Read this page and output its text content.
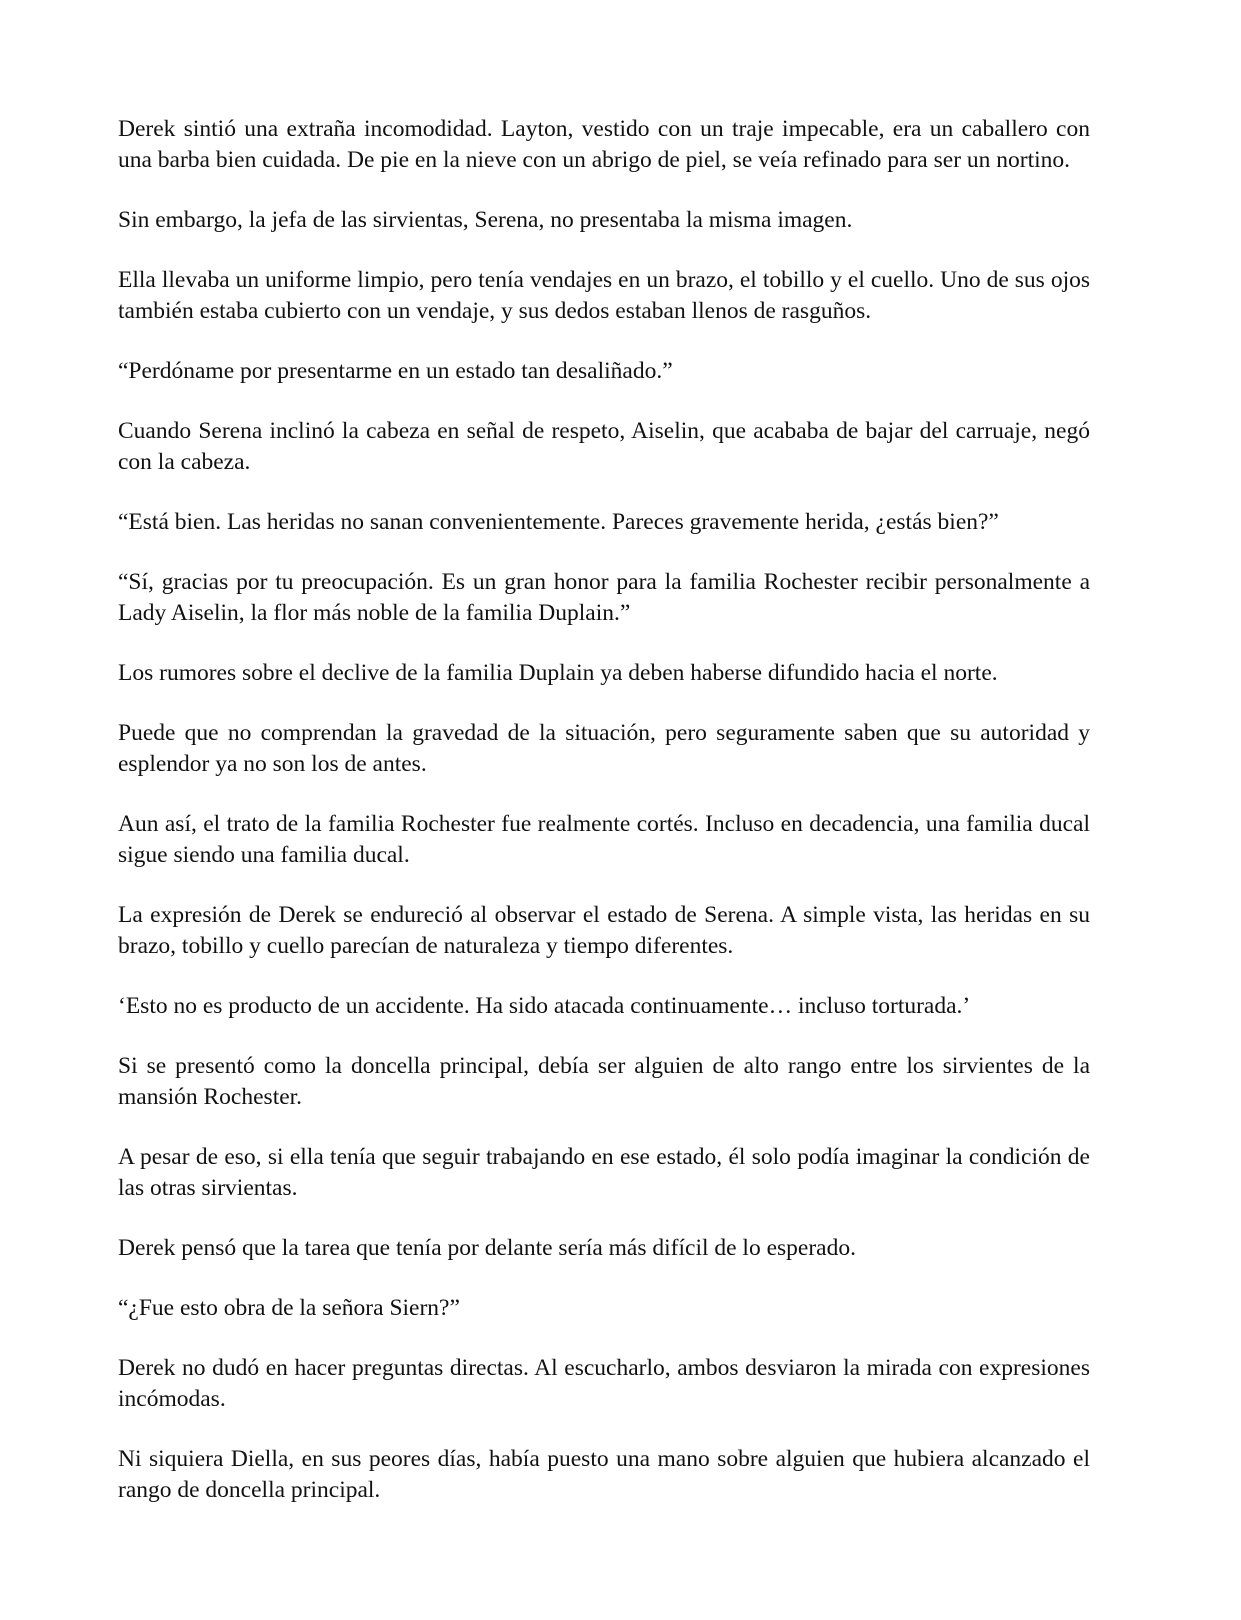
Derek sintió una extraña incomodidad. Layton, vestido con un traje impecable, era un caballero con una barba bien cuidada. De pie en la nieve con un abrigo de piel, se veía refinado para ser un nortino.

Sin embargo, la jefa de las sirvientas, Serena, no presentaba la misma imagen.

Ella llevaba un uniforme limpio, pero tenía vendajes en un brazo, el tobillo y el cuello. Uno de sus ojos también estaba cubierto con un vendaje, y sus dedos estaban llenos de rasguños.

“Perdóname por presentarme en un estado tan desaliñado.”

Cuando Serena inclinó la cabeza en señal de respeto, Aiselin, que acababa de bajar del carruaje, negó con la cabeza.

“Está bien. Las heridas no sanan convenientemente. Pareces gravemente herida, ¿estás bien?”

“Sí, gracias por tu preocupación. Es un gran honor para la familia Rochester recibir personalmente a Lady Aiselin, la flor más noble de la familia Duplain.”

Los rumores sobre el declive de la familia Duplain ya deben haberse difundido hacia el norte.

Puede que no comprendan la gravedad de la situación, pero seguramente saben que su autoridad y esplendor ya no son los de antes.

Aun así, el trato de la familia Rochester fue realmente cortés. Incluso en decadencia, una familia ducal sigue siendo una familia ducal.

La expresión de Derek se endureció al observar el estado de Serena. A simple vista, las heridas en su brazo, tobillo y cuello parecían de naturaleza y tiempo diferentes.

‘Esto no es producto de un accidente. Ha sido atacada continuamente… incluso torturada.’

Si se presentó como la doncella principal, debía ser alguien de alto rango entre los sirvientes de la mansión Rochester.

A pesar de eso, si ella tenía que seguir trabajando en ese estado, él solo podía imaginar la condición de las otras sirvientas.

Derek pensó que la tarea que tenía por delante sería más difícil de lo esperado.

“¿Fue esto obra de la señora Siern?”

Derek no dudó en hacer preguntas directas. Al escucharlo, ambos desviaron la mirada con expresiones incómodas.

Ni siquiera Diella, en sus peores días, había puesto una mano sobre alguien que hubiera alcanzado el rango de doncella principal.
